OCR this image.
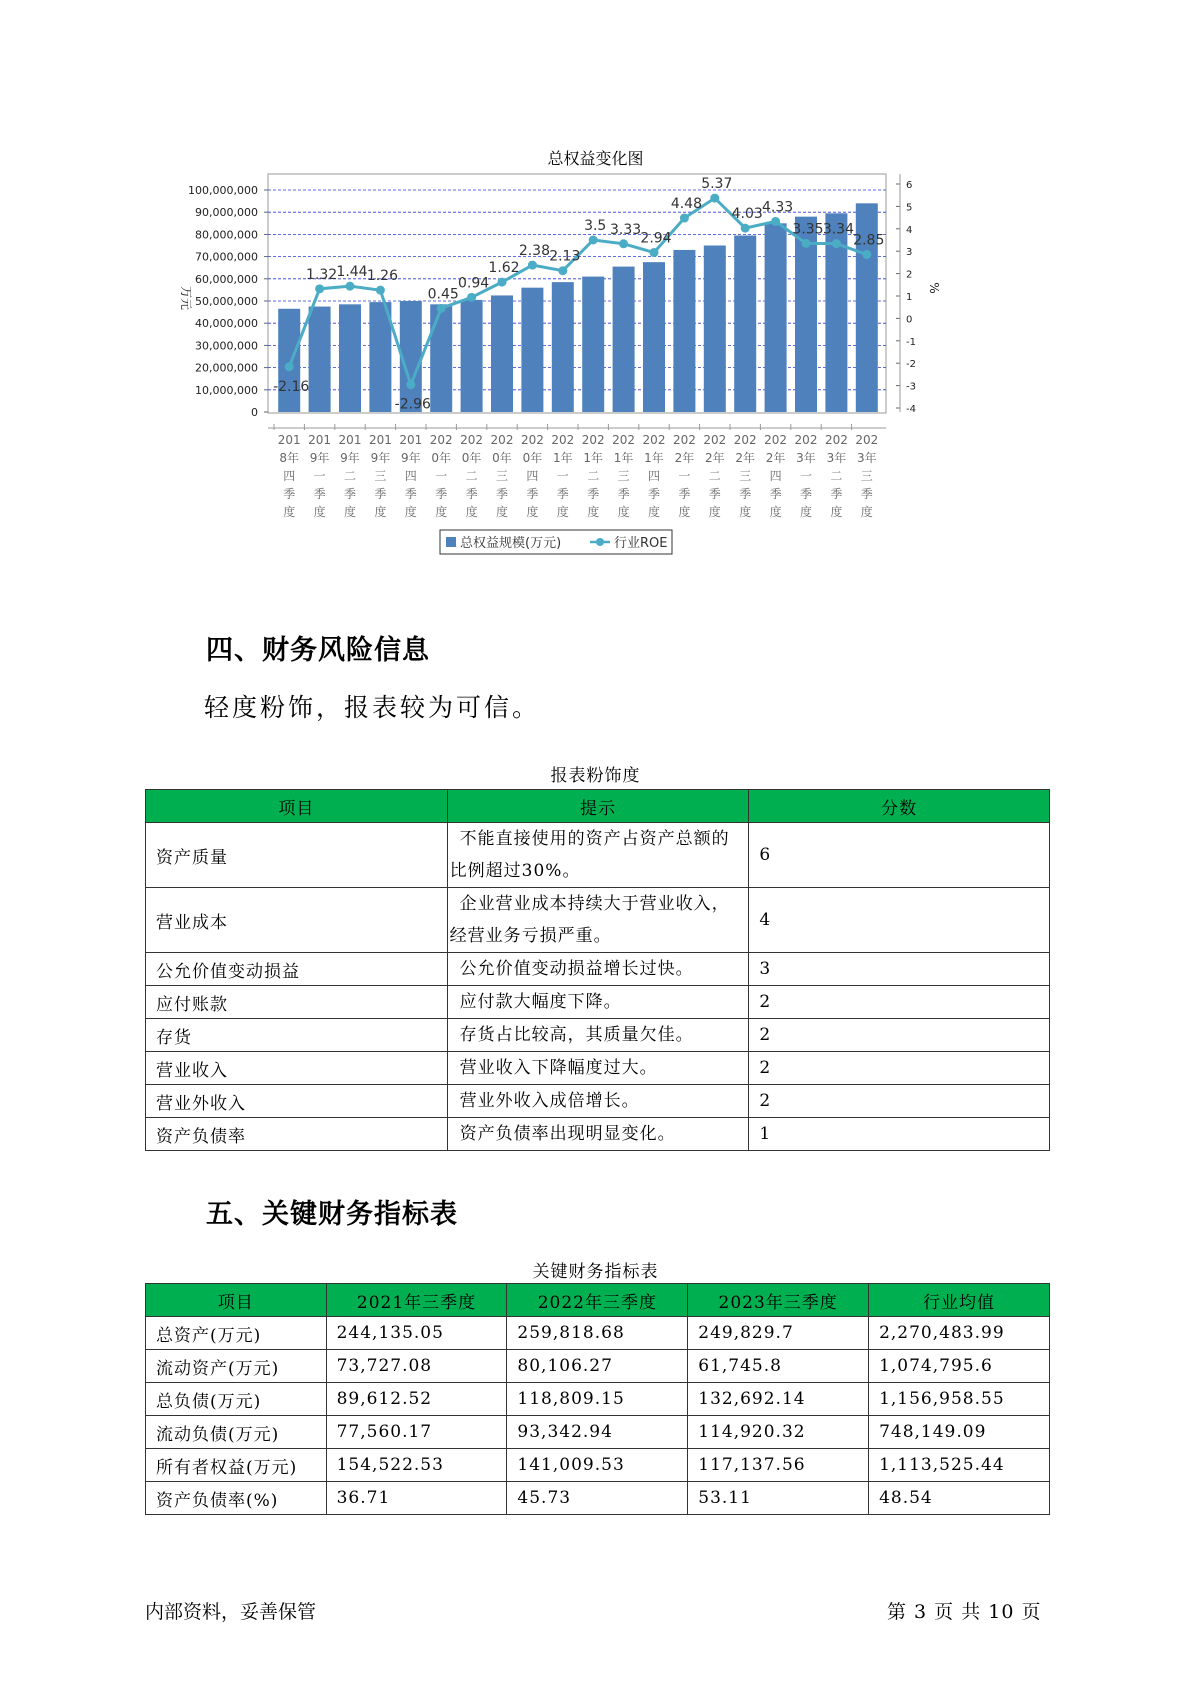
总权益变化图
0
10,000,000
20,000,000
30,000,000
40,000,000
50,000,000
60,000,000
70,000,000
80,000,000
90,000,000
100,000,000
-4
-3
-2
-1
0
1
2
3
4
5
6
万元	%
201
8年
四
季
度
201
9年
一
季
度
201
9年
二
季
度
201
9年
三
季
度
201
9年
四
季
度
202
0年
一
季
度
202
0年
二
季
度
202
0年
三
季
度
202
0年
四
季
度
202
1年
一
季
度
202
1年
二
季
度
202
1年
三
季
度
202
1年
四
季
度
202
2年
一
季
度
202
2年
二
季
度
202
2年
三
季
度
202
2年
四
季
度
202
3年
一
季
度
202
3年
二
季
度
202
3年
三
季
度
-2.16
1.32 1.44 1.26
-2.96
0.45
0.94
1.62
2.38 2.13
3.5 3.33
2.94
4.48
5.37
4.03 4.33
3.35 3.34
2.85
总权益规模(万元)	行业ROE
四、财务风险信息
轻度粉饰，报表较为可信。
报表粉饰度
项目	提示	分数
资产质量	不能直接使用的资产占资产总额的比例超过30%。	6
营业成本	企业营业成本持续大于营业收入，经营业务亏损严重。	4
公允价值变动损益	公允价值变动损益增长过快。	3
应付账款	应付款大幅度下降。	2
存货	存货占比较高，其质量欠佳。	2
营业收入	营业收入下降幅度过大。	2
营业外收入	营业外收入成倍增长。	2
资产负债率	资产负债率出现明显变化。	1
五、关键财务指标表
关键财务指标表
项目	2021年三季度	2022年三季度	2023年三季度	行业均值
总资产(万元)	244,135.05	259,818.68	249,829.7	2,270,483.99
流动资产(万元)	73,727.08	80,106.27	61,745.8	1,074,795.6
总负债(万元)	89,612.52	118,809.15	132,692.14	1,156,958.55
流动负债(万元)	77,560.17	93,342.94	114,920.32	748,149.09
所有者权益(万元)	154,522.53	141,009.53	117,137.56	1,113,525.44
资产负债率(%)	36.71	45.73	53.11	48.54
内部资料，妥善保管	第 3 页 共 10 页
